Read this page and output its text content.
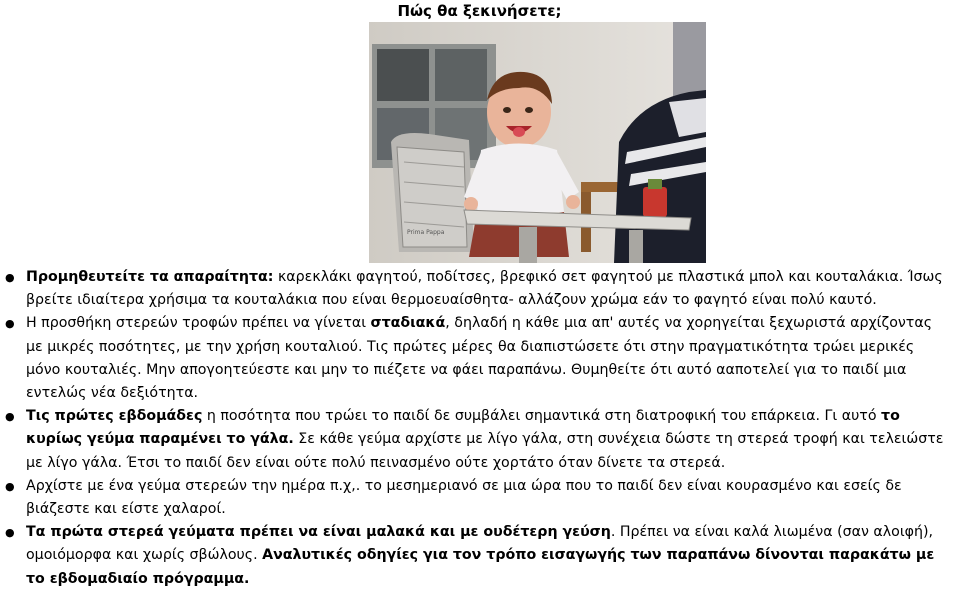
Πώς θα ξεκινήσετε;
Prima Pappa
● Προμηθευτείτε τα απαραίτητα: καρεκλάκι φαγητού, ποδίτσες, βρεφικό σετ φαγητού με πλαστικά μπολ και κουταλάκια. Ίσως βρείτε ιδιαίτερα χρήσιμα τα κουταλάκια που είναι θερμοευαίσθητα- αλλάζουν χρώμα εάν το φαγητό είναι πολύ καυτό.
● Η προσθήκη στερεών τροφών πρέπει να γίνεται σταδιακά, δηλαδή η κάθε μια απ' αυτές να χορηγείται ξεχωριστά αρχίζοντας με μικρές ποσότητες, με την χρήση κουταλιού. Τις πρώτες μέρες θα διαπιστώσετε ότι στην πραγματικότητα τρώει μερικές μόνο κουταλιές. Μην απογοητεύεστε και μην το πιέζετε να φάει παραπάνω. Θυμηθείτε ότι αυτό ααποτελεί για το παιδί μια εντελώς νέα δεξιότητα.
● Τις πρώτες εβδομάδες η ποσότητα που τρώει το παιδί δε συμβάλει σημαντικά στη διατροφική του επάρκεια. Γι αυτό το κυρίως γεύμα παραμένει το γάλα. Σε κάθε γεύμα αρχίστε με λίγο γάλα, στη συνέχεια δώστε τη στερεά τροφή και τελειώστε με λίγο γάλα. Έτσι το παιδί δεν είναι ούτε πολύ πεινασμένο ούτε χορτάτο όταν δίνετε τα στερεά.
● Αρχίστε με ένα γεύμα στερεών την ημέρα π.χ,. το μεσημεριανό σε μια ώρα που το παιδί δεν είναι κουρασμένο και εσείς δε βιάζεστε και είστε χαλαροί.
● Τα πρώτα στερεά γεύματα πρέπει να είναι μαλακά και με ουδέτερη γεύση. Πρέπει να είναι καλά λιωμένα (σαν αλοιφή), ομοιόμορφα και χωρίς σβώλους. Αναλυτικές οδηγίες για τον τρόπο εισαγωγής των παραπάνω δίνονται παρακάτω με το εβδομαδιαίο πρόγραμμα.
